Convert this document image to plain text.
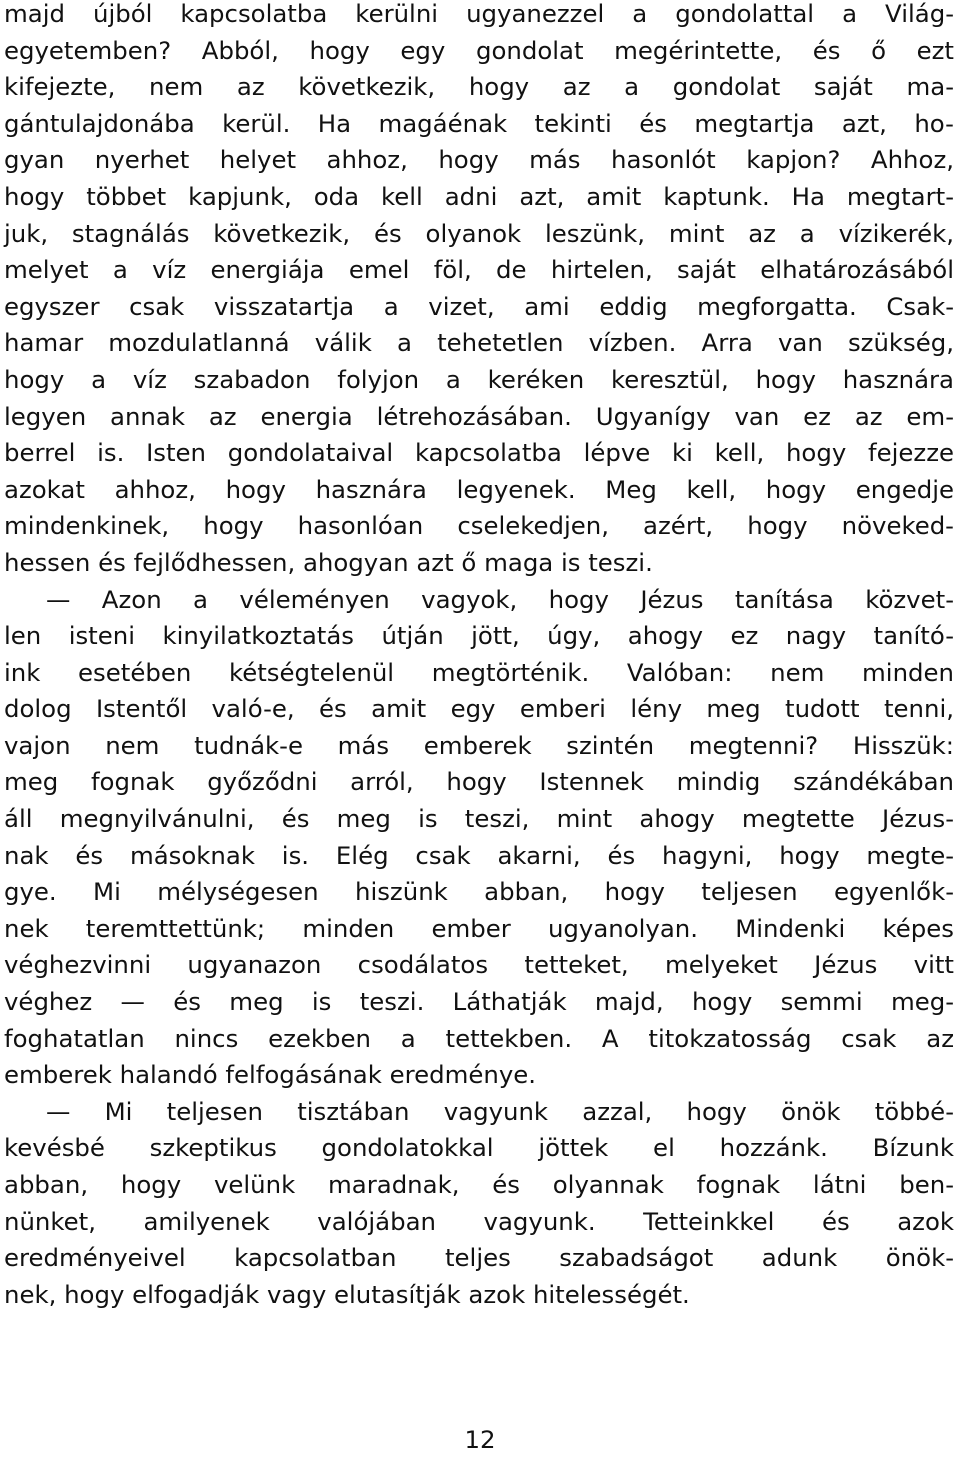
majd újból kapcsolatba kerülni ugyanezzel a gondolattal a Világ-
egyetemben? Abból, hogy egy gondolat megérintette, és ő ezt
kifejezte, nem az következik, hogy az a gondolat saját ma-
gántulajdonába kerül. Ha magáénak tekinti és megtartja azt, ho-
gyan nyerhet helyet ahhoz, hogy más hasonlót kapjon? Ahhoz,
hogy többet kapjunk, oda kell adni azt, amit kaptunk. Ha megtart-
juk, stagnálás következik, és olyanok leszünk, mint az a vízikerék,
melyet a víz energiája emel föl, de hirtelen, saját elhatározásából
egyszer csak visszatartja a vizet, ami eddig megforgatta. Csak-
hamar mozdulatlanná válik a tehetetlen vízben. Arra van szükség,
hogy a víz szabadon folyjon a keréken keresztül, hogy hasznára
legyen annak az energia létrehozásában. Ugyanígy van ez az em-
berrel is. Isten gondolataival kapcsolatba lépve ki kell, hogy fejezze
azokat ahhoz, hogy hasznára legyenek. Meg kell, hogy engedje
mindenkinek, hogy hasonlóan cselekedjen, azért, hogy növeked-
hessen és fejlődhessen, ahogyan azt ő maga is teszi.
— Azon a véleményen vagyok, hogy Jézus tanítása közvet-
len isteni kinyilatkoztatás útján jött, úgy, ahogy ez nagy tanító-
ink esetében kétségtelenül megtörténik. Valóban: nem minden
dolog Istentől való-e, és amit egy emberi lény meg tudott tenni,
vajon nem tudnák-e más emberek szintén megtenni? Hisszük:
meg fognak győződni arról, hogy Istennek mindig szándékában
áll megnyilvánulni, és meg is teszi, mint ahogy megtette Jézus-
nak és másoknak is. Elég csak akarni, és hagyni, hogy megte-
gye. Mi mélységesen hiszünk abban, hogy teljesen egyenlők-
nek teremttettünk; minden ember ugyanolyan. Mindenki képes
véghezvinni ugyanazon csodálatos tetteket, melyeket Jézus vitt
véghez — és meg is teszi. Láthatják majd, hogy semmi meg-
foghatatlan nincs ezekben a tettekben. A titokzatosság csak az
emberek halandó felfogásának eredménye.
— Mi teljesen tisztában vagyunk azzal, hogy önök többé-
kevésbé szkeptikus gondolatokkal jöttek el hozzánk. Bízunk
abban, hogy velünk maradnak, és olyannak fognak látni ben-
nünket, amilyenek valójában vagyunk. Tetteinkkel és azok
eredményeivel kapcsolatban teljes szabadságot adunk önök-
nek, hogy elfogadják vagy elutasítják azok hitelességét.
12
